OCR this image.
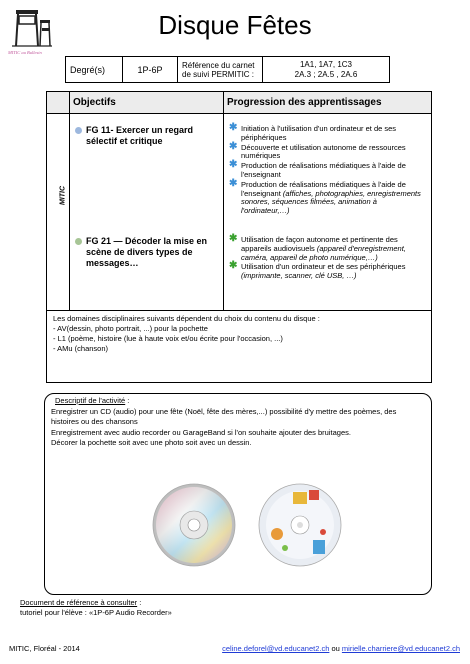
MITIC au Bullesin
Disque Fêtes
Degré(s)	1P-6P	Référence du carnet de suivi PERMITIC :	
1A1, 1A7, 1C3
2A.3 ; 2A.5 , 2A.6
Objectifs	Progression des apprentissages
MITIC
FG 11- Exercer un regard sélectif et critique
✱ Initiation à l'utilisation d'un ordinateur et de ses périphériques
✱ Découverte et utilisation autonome de ressources numériques
✱ Production de réalisations médiatiques à l'aide de l'enseignant
✱ Production de réalisations médiatiques à l'aide de l'enseignant (affiches, photographies, enregistrements sonores, séquences filmées, animation à l'ordinateur,…)
FG 21 — Décoder la mise en scène de divers types de messages…
✱ Utilisation de façon autonome et pertinente des appareils audiovisuels (appareil d'enregistrement, caméra, appareil de photo numérique,…)
✱ Utilisation d'un ordinateur et de ses périphériques (imprimante, scanner, clé USB, …)
Les domaines disciplinaires suivants dépendent du choix du contenu du disque :
- AV(dessin, photo portrait, ...) pour la pochette
- L1 (poème, histoire (lue à haute voix et/ou écrite pour l'occasion, ...)
- AMu (chanson)
Descriptif de l'activité :
Enregistrer un CD (audio) pour une fête (Noël, fête des mères,...) possibilité d'y mettre des poèmes, des histoires ou des chansons
Enregistrement avec audio recorder ou GarageBand si l'on souhaite ajouter des bruitages.
Décorer la pochette soit avec une photo soit avec un dessin.
Document de référence à consulter :
tutoriel pour l'élève : «1P-6P Audio Recorder»
MITIC, Floréal - 2014	celine.deforel@vd.educanet2.ch ou mirielle.charriere@vd.educanet2.ch
